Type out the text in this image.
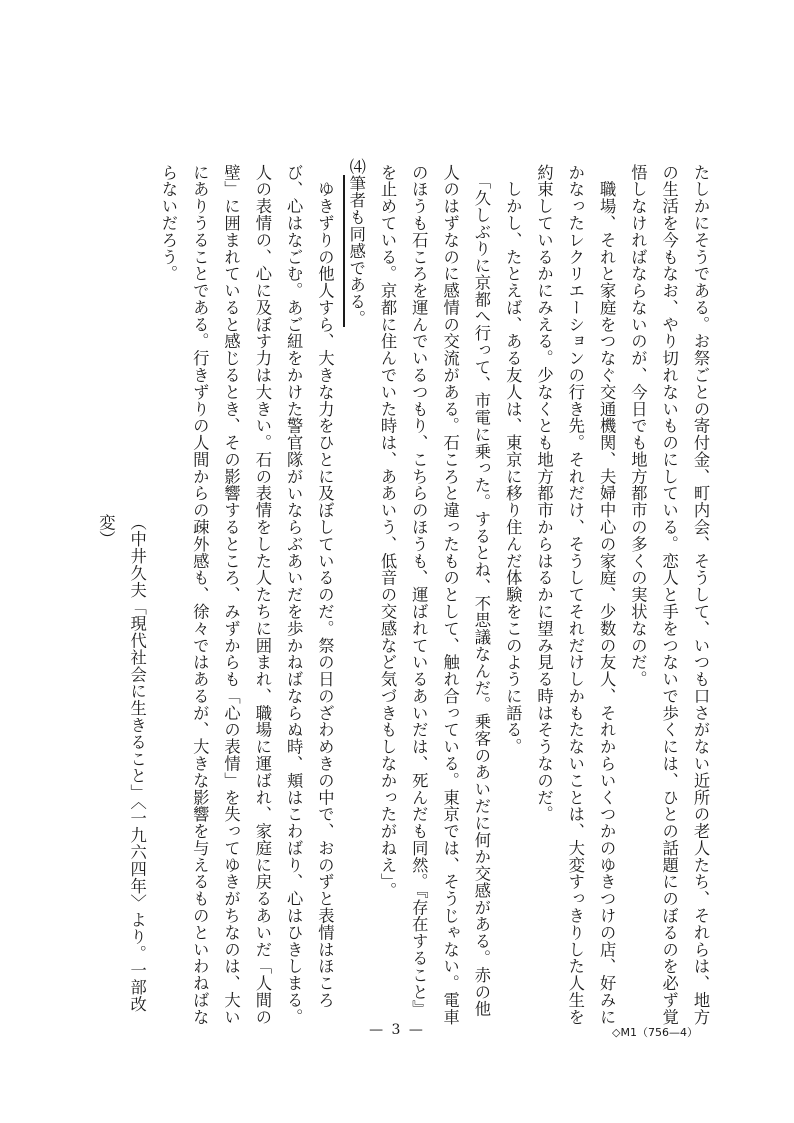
たしかにそうである。お祭ごとの寄付金、町内会、そうして、いつも口さがない近所の老人たち、それらは、地方の生活を今もなお、やり切れないものにしている。恋人と手をつないで歩くには、ひとの話題にのぼるのを必ず覚悟しなければならないのが、今日でも地方都市の多くの実状なのだ。

　職場、それと家庭をつなぐ交通機関、夫婦中心の家庭、少数の友人、それからいくつかのゆきつけの店、好みにかなったレクリエーションの行き先。それだけ、そうしてそれだけしかもたないことは、大変すっきりした人生を約束しているかにみえる。少なくとも地方都市からはるかに望み見る時はそうなのだ。

　しかし、たとえば、ある友人は、東京に移り住んだ体験をこのように語る。

　「久しぶりに京都へ行って、市電に乗った。するとね、不思議なんだ。乗客のあいだに何か交感がある。赤の他人のはずなのに感情の交流がある。石ころと違ったものとして、触れ合っている。東京では、そうじゃない。電車のほうも石ころを運んでいるつもり、こちらのほうも、運ばれているあいだは、死んだも同然。『存在すること』を止めている。京都に住んでいた時は、ああいう、低音の交感など気づきもしなかったがねえ」。

⑷筆者も同感である。

　ゆきずりの他人すら、大きな力をひとに及ぼしているのだ。祭の日のざわめきの中で、おのずと表情はほころび、心はなごむ。あご紐をかけた警官隊がいならぶあいだを歩かねばならぬ時、頬はこわばり、心はひきしまる。人の表情の、心に及ぼす力は大きい。石の表情をした人たちに囲まれ、職場に運ばれ、家庭に戻るあいだ「人間の壁」に囲まれていると感じるとき、その影響するところ、みずからも「心の表情」を失ってゆきがちなのは、大いにありうることである。行きずりの人間からの疎外感も、徐々ではあるが、大きな影響を与えるものといわねばならないだろう。

（中井久夫「現代社会に生きること」〈一九六四年〉より。一部改変）

— 3 —	◇M1（756—4）
